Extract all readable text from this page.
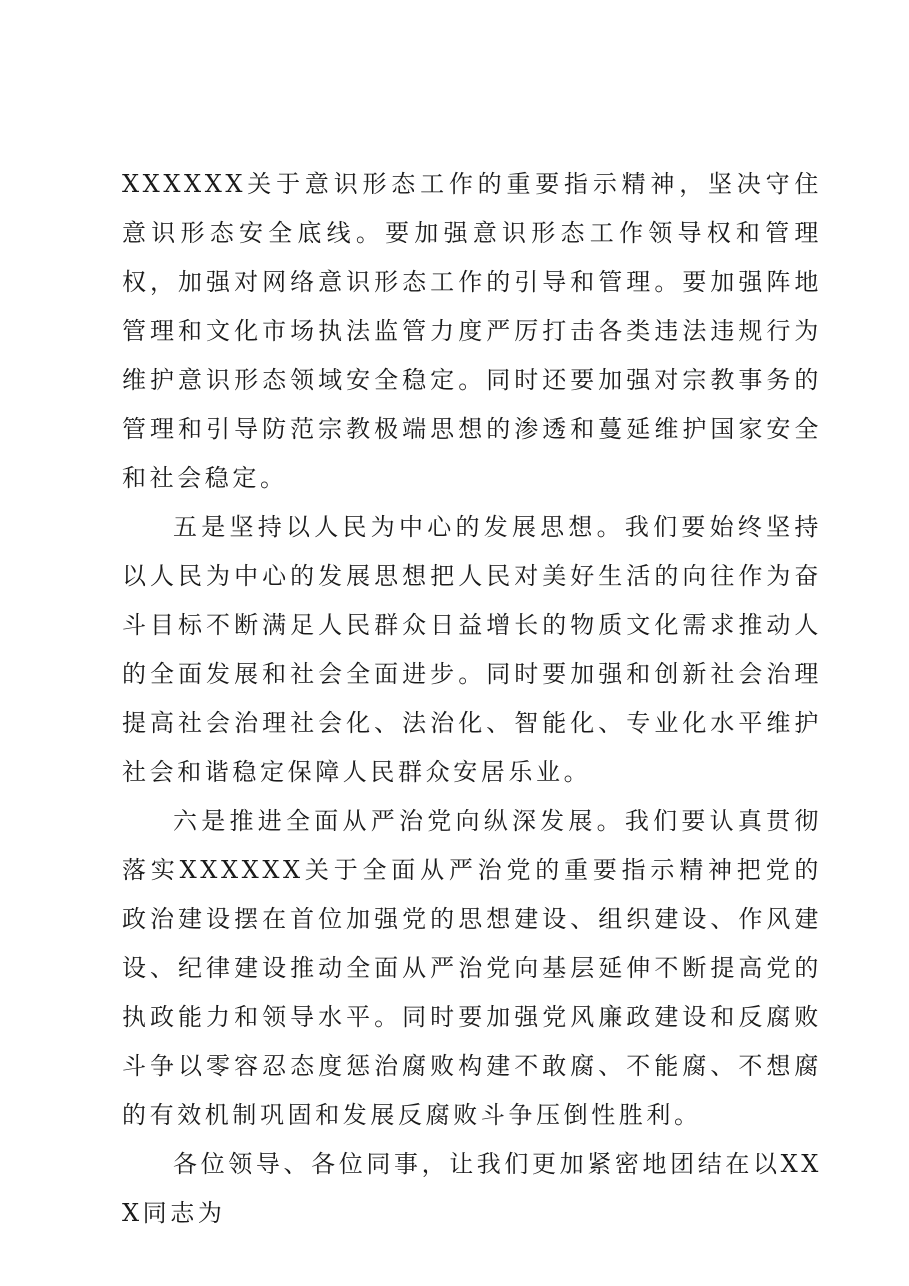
XXXXXX关于意识形态工作的重要指示精神，坚决守住意识形态安全底线。要加强意识形态工作领导权和管理权，加强对网络意识形态工作的引导和管理。要加强阵地管理和文化市场执法监管力度严厉打击各类违法违规行为维护意识形态领域安全稳定。同时还要加强对宗教事务的管理和引导防范宗教极端思想的渗透和蔓延维护国家安全和社会稳定。

五是坚持以人民为中心的发展思想。我们要始终坚持以人民为中心的发展思想把人民对美好生活的向往作为奋斗目标不断满足人民群众日益增长的物质文化需求推动人的全面发展和社会全面进步。同时要加强和创新社会治理提高社会治理社会化、法治化、智能化、专业化水平维护社会和谐稳定保障人民群众安居乐业。

六是推进全面从严治党向纵深发展。我们要认真贯彻落实XXXXXX关于全面从严治党的重要指示精神把党的政治建设摆在首位加强党的思想建设、组织建设、作风建设、纪律建设推动全面从严治党向基层延伸不断提高党的执政能力和领导水平。同时要加强党风廉政建设和反腐败斗争以零容忍态度惩治腐败构建不敢腐、不能腐、不想腐的有效机制巩固和发展反腐败斗争压倒性胜利。

各位领导、各位同事，让我们更加紧密地团结在以XXX同志为
